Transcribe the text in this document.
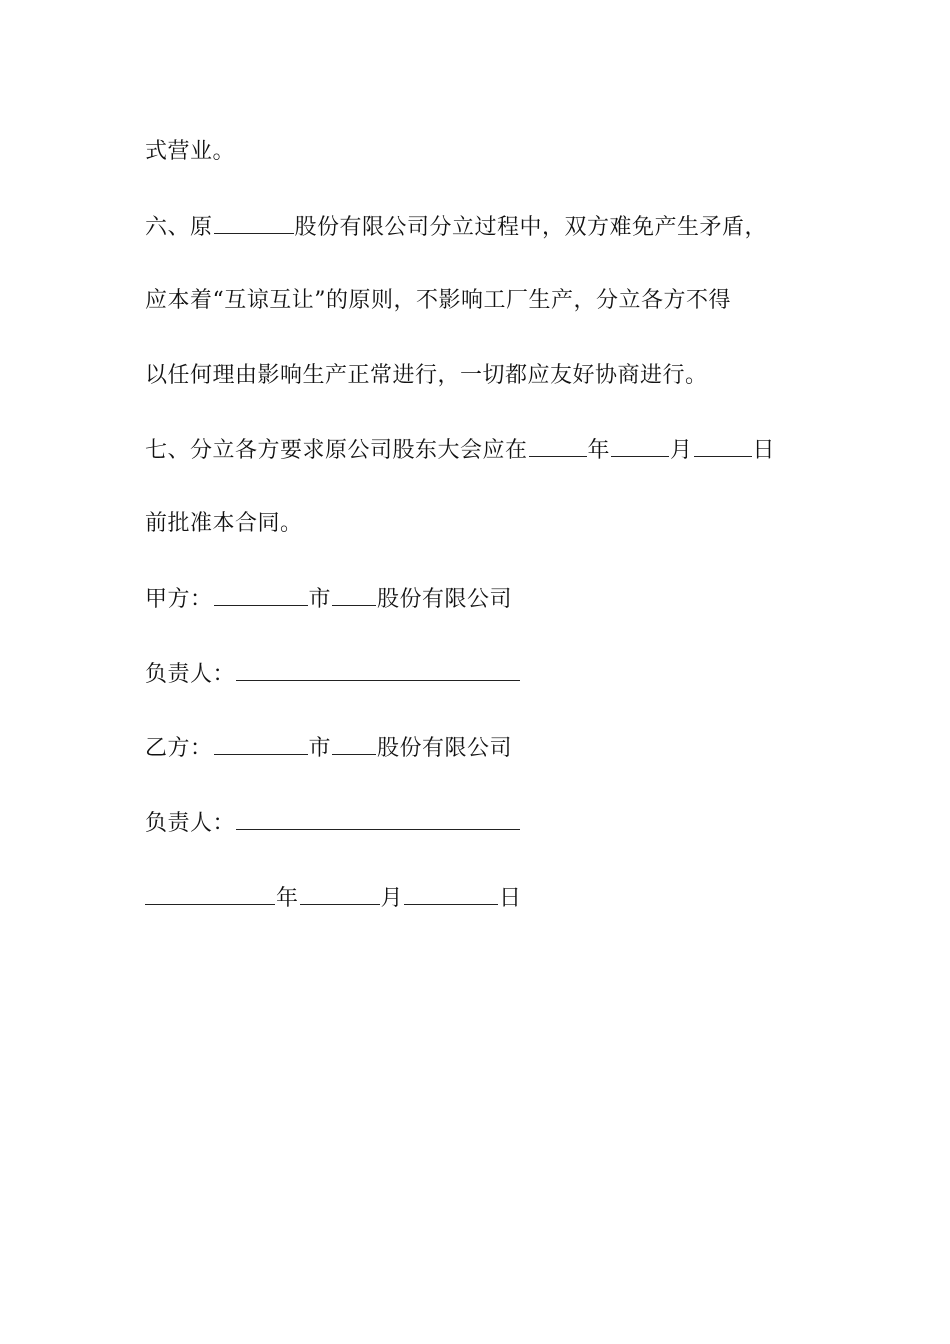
式营业。
六、原	股份有限公司分立过程中，双方难免产生矛盾，
应本着“互谅互让”的原则，不影响工厂生产，分立各方不得
以任何理由影响生产正常进行，一切都应友好协商进行。
七、分立各方要求原公司股东大会应在	年	月	日
前批准本合同。
甲方：	市 股份有限公司
负责人：
乙方：	市 股份有限公司
负责人：
年	月	日
